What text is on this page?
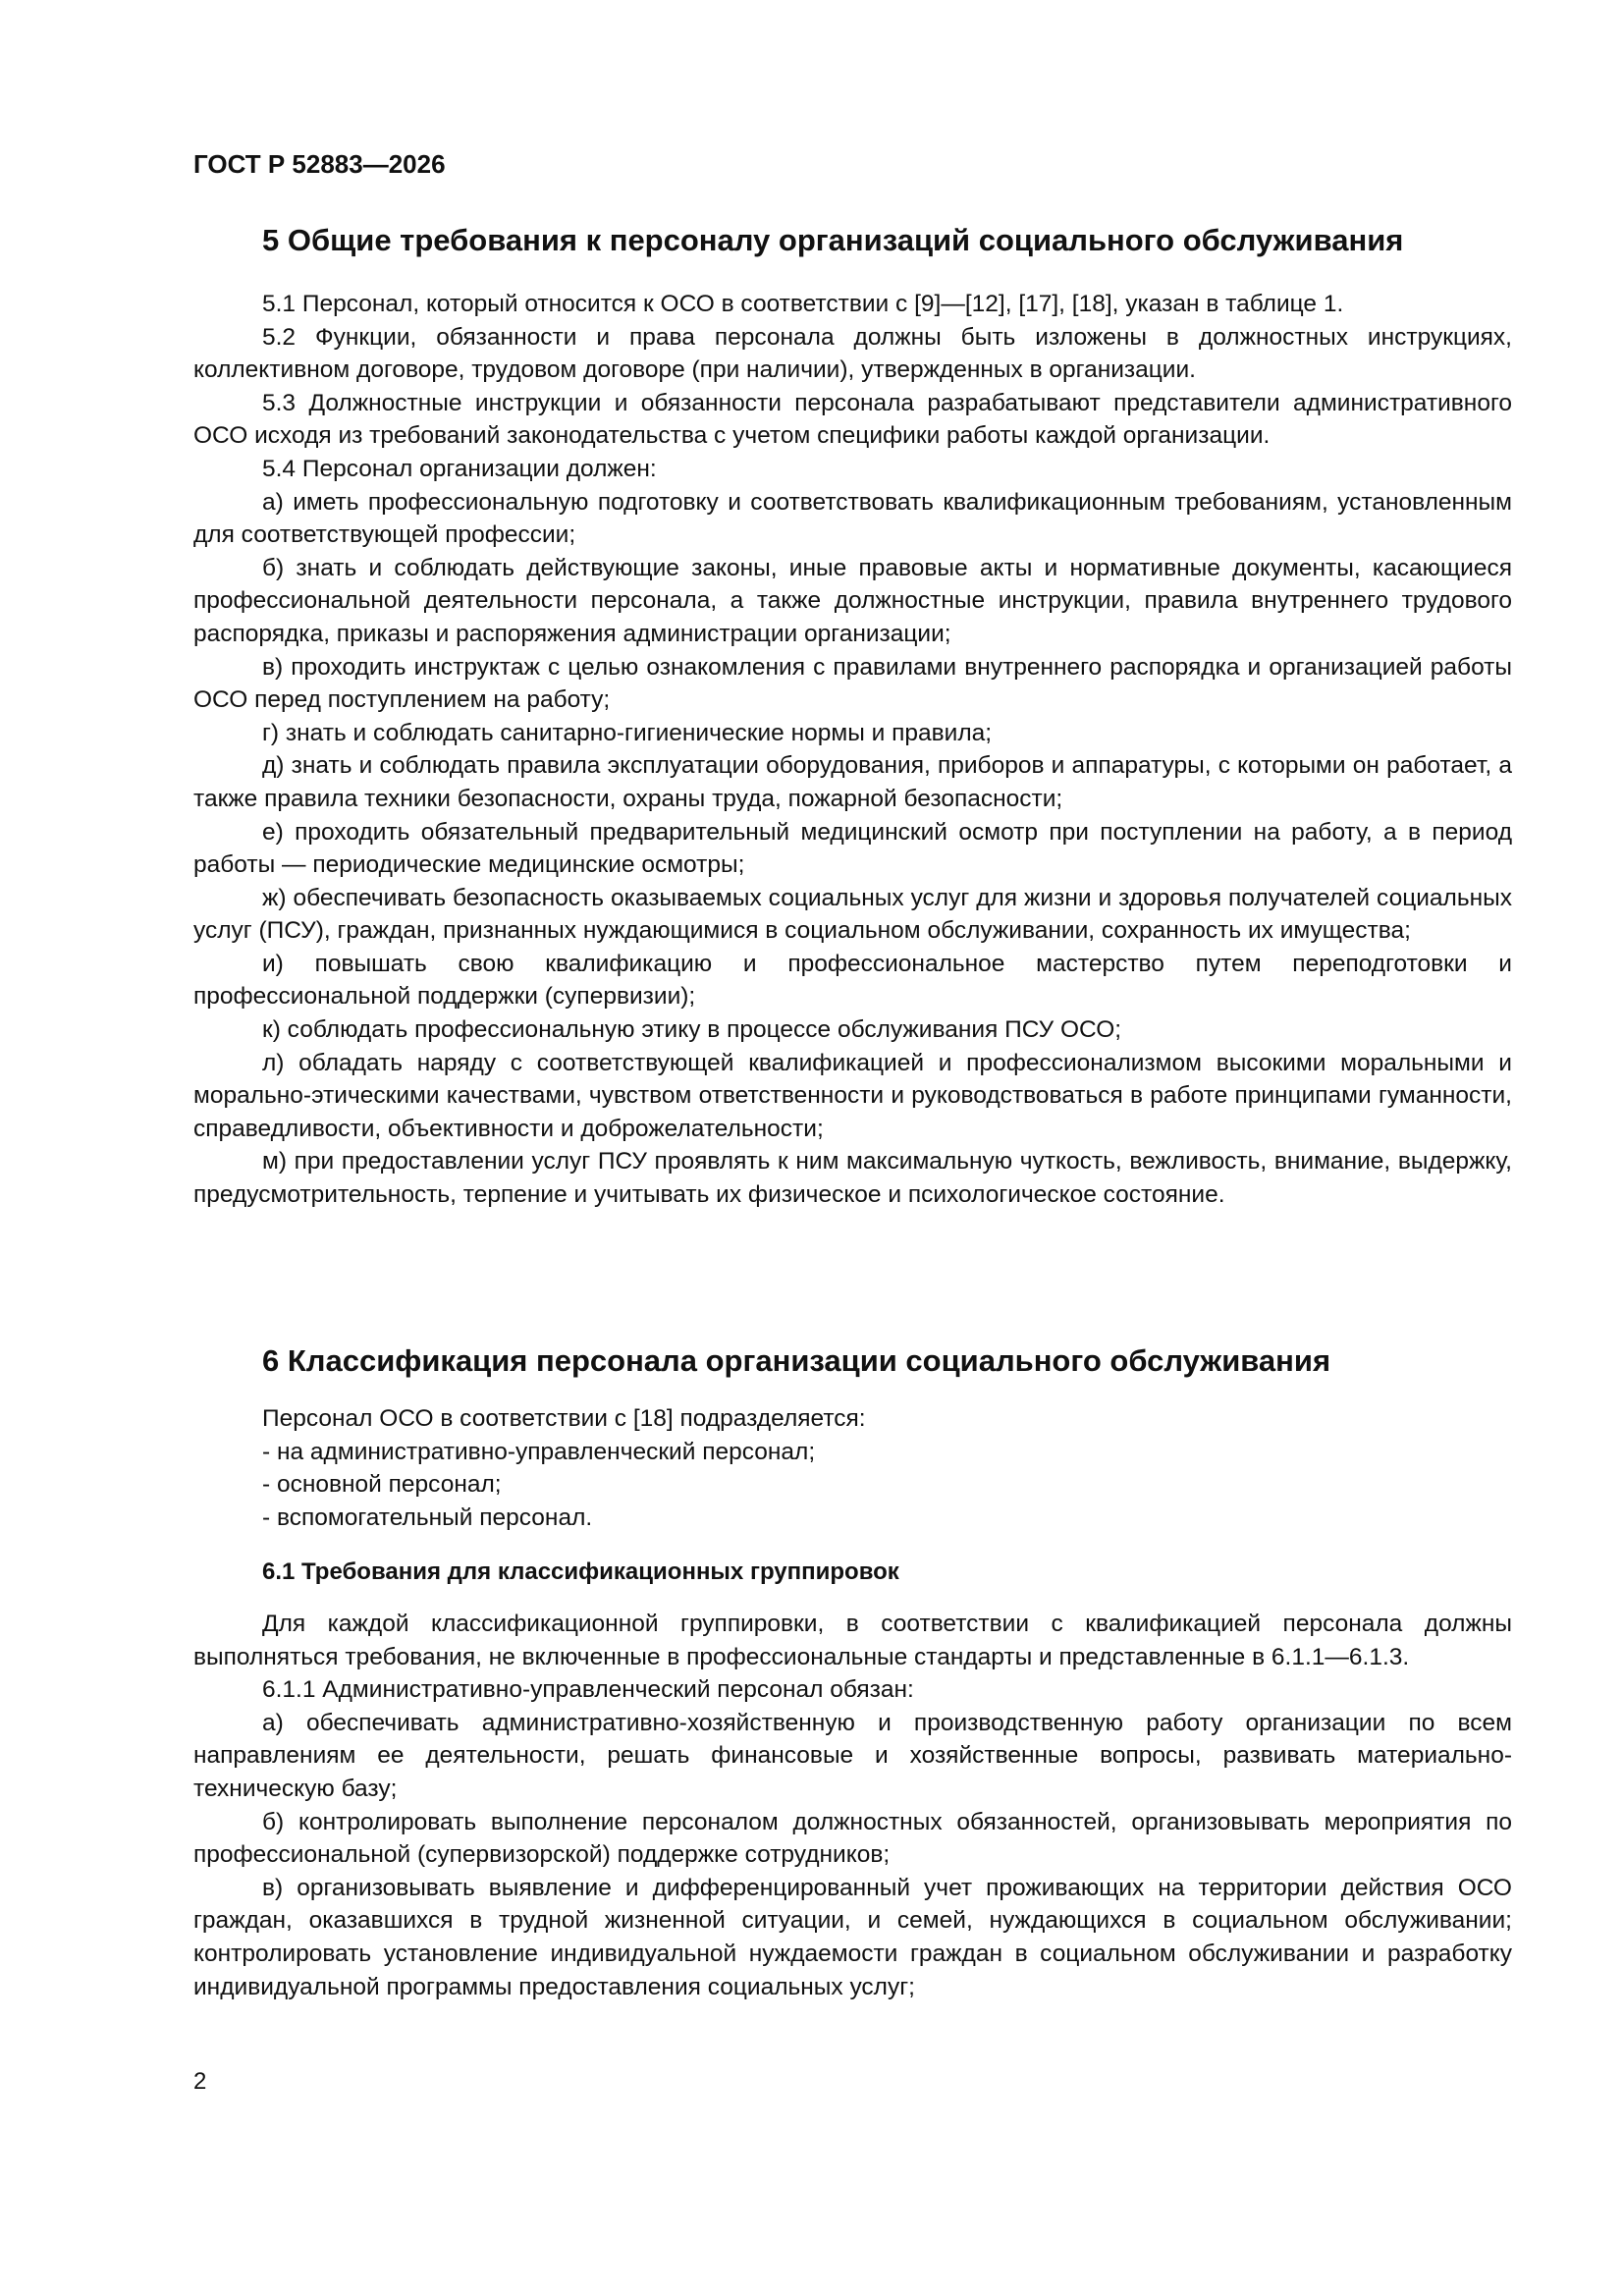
ГОСТ Р 52883—2026

5 Общие требования к персоналу организаций социального обслуживания

5.1 Персонал, который относится к ОСО в соответствии с [9]—[12], [17], [18], указан в таблице 1.

5.2 Функции, обязанности и права персонала должны быть изложены в должностных инструкциях, коллективном договоре, трудовом договоре (при наличии), утвержденных в организации.

5.3 Должностные инструкции и обязанности персонала разрабатывают представители административного ОСО исходя из требований законодательства с учетом специфики работы каждой организации.

5.4 Персонал организации должен:

а) иметь профессиональную подготовку и соответствовать квалификационным требованиям, установленным для соответствующей профессии;

б) знать и соблюдать действующие законы, иные правовые акты и нормативные документы, касающиеся профессиональной деятельности персонала, а также должностные инструкции, правила внутреннего трудового распорядка, приказы и распоряжения администрации организации;

в) проходить инструктаж с целью ознакомления с правилами внутреннего распорядка и организацией работы ОСО перед поступлением на работу;

г) знать и соблюдать санитарно-гигиенические нормы и правила;

д) знать и соблюдать правила эксплуатации оборудования, приборов и аппаратуры, с которыми он работает, а также правила техники безопасности, охраны труда, пожарной безопасности;

е) проходить обязательный предварительный медицинский осмотр при поступлении на работу, а в период работы — периодические медицинские осмотры;

ж) обеспечивать безопасность оказываемых социальных услуг для жизни и здоровья получателей социальных услуг (ПСУ), граждан, признанных нуждающимися в социальном обслуживании, сохранность их имущества;

и) повышать свою квалификацию и профессиональное мастерство путем переподготовки и профессиональной поддержки (супервизии);

к) соблюдать профессиональную этику в процессе обслуживания ПСУ ОСО;

л) обладать наряду с соответствующей квалификацией и профессионализмом высокими моральными и морально-этическими качествами, чувством ответственности и руководствоваться в работе принципами гуманности, справедливости, объективности и доброжелательности;

м) при предоставлении услуг ПСУ проявлять к ним максимальную чуткость, вежливость, внимание, выдержку, предусмотрительность, терпение и учитывать их физическое и психологическое состояние.

6 Классификация персонала организации социального обслуживания

Персонал ОСО в соответствии с [18] подразделяется:

- на административно-управленческий персонал;

- основной персонал;

- вспомогательный персонал.

6.1 Требования для классификационных группировок

Для каждой классификационной группировки, в соответствии с квалификацией персонала должны выполняться требования, не включенные в профессиональные стандарты и представленные в 6.1.1—6.1.3.

6.1.1 Административно-управленческий персонал обязан:

а) обеспечивать административно-хозяйственную и производственную работу организации по всем направлениям ее деятельности, решать финансовые и хозяйственные вопросы, развивать материально-техническую базу;

б) контролировать выполнение персоналом должностных обязанностей, организовывать мероприятия по профессиональной (супервизорской) поддержке сотрудников;

в) организовывать выявление и дифференцированный учет проживающих на территории действия ОСО граждан, оказавшихся в трудной жизненной ситуации, и семей, нуждающихся в социальном обслуживании; контролировать установление индивидуальной нуждаемости граждан в социальном обслуживании и разработку индивидуальной программы предоставления социальных услуг;

2
